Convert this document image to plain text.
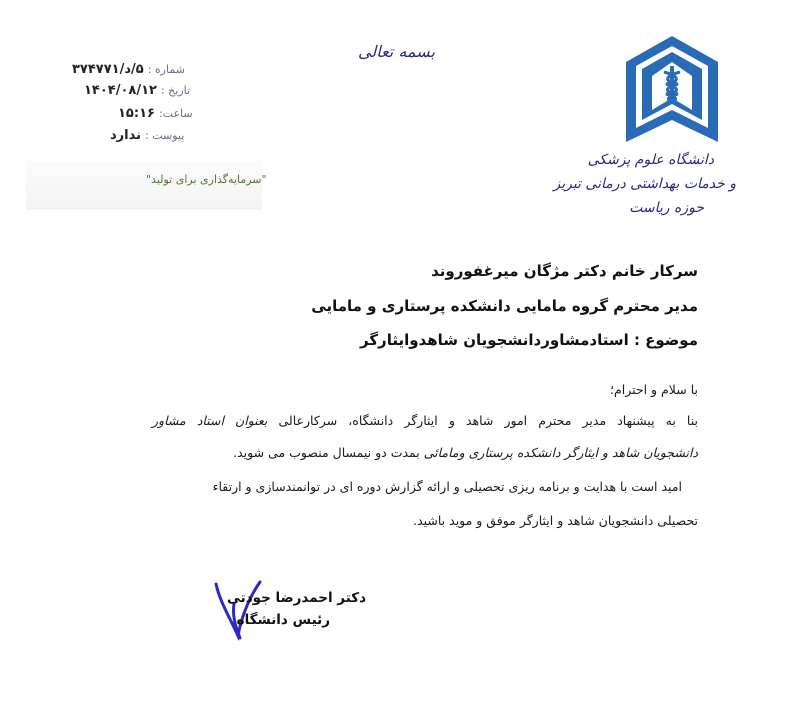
بسمه تعالی
شماره :
۵/د/۳۷۴۷۷۱
تاریخ :
۱۴۰۴/۰۸/۱۲
ساعت:
۱۵:۱۶
پیوست :
ندارد
"سرمایه‌گذاری برای تولید"
دانشگاه علوم پزشکی
و خدمات بهداشتی درمانی تبریز
حوزه ریاست
سرکار خانم دکتر مژگان میرغفوروند
مدیر محترم گروه مامایی دانشکده پرستاری و مامایی
موضوع : استادمشاوردانشجویان شاهدوایثارگر
با سلام و احترام؛
بنا به پیشنهاد مدیر محترم امور شاهد و ایثارگر دانشگاه، سرکارعالی بعنوان استاد مشاور
دانشجویان شاهد و ایثارگر دانشکده پرستاری ومامائی بمدت دو نیمسال منصوب می شوید.
امید است با هدایت و برنامه ریزی تحصیلی و ارائه گزارش دوره ای در توانمندسازی و ارتقاء
تحصیلی دانشجویان شاهد و ایثارگر موفق و موید باشید.
دکتر احمدرضا جودتی
رئیس دانشگاه
